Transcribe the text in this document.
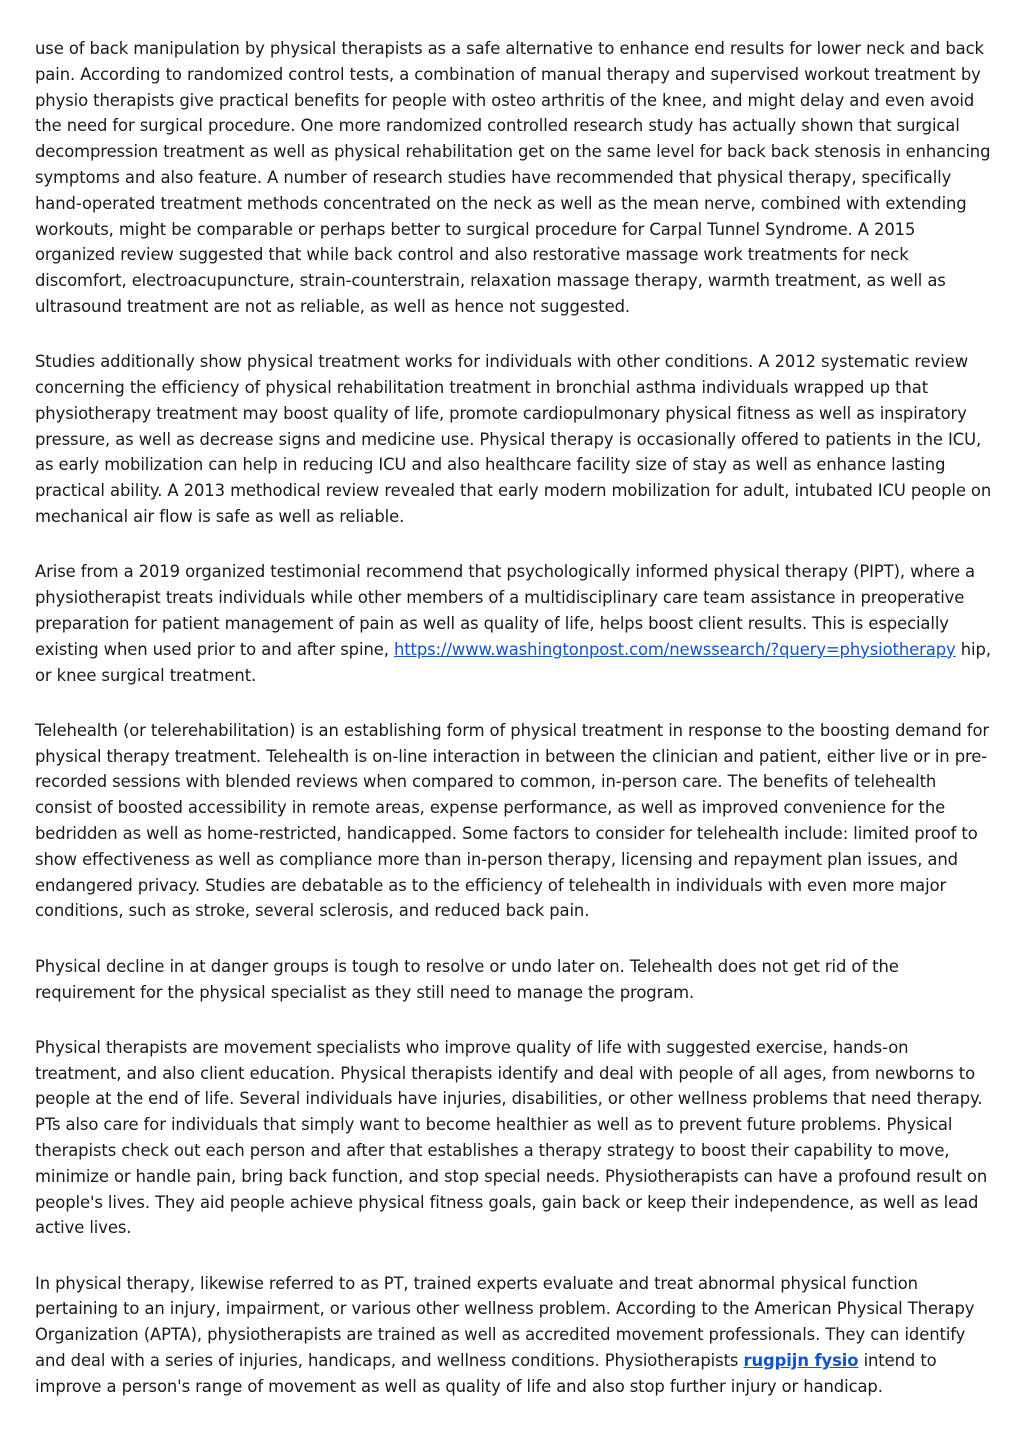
use of back manipulation by physical therapists as a safe alternative to enhance end results for lower neck and back pain. According to randomized control tests, a combination of manual therapy and supervised workout treatment by physio therapists give practical benefits for people with osteo arthritis of the knee, and might delay and even avoid the need for surgical procedure. One more randomized controlled research study has actually shown that surgical decompression treatment as well as physical rehabilitation get on the same level for back back stenosis in enhancing symptoms and also feature. A number of research studies have recommended that physical therapy, specifically hand-operated treatment methods concentrated on the neck as well as the mean nerve, combined with extending workouts, might be comparable or perhaps better to surgical procedure for Carpal Tunnel Syndrome. A 2015 organized review suggested that while back control and also restorative massage work treatments for neck discomfort, electroacupuncture, strain-counterstrain, relaxation massage therapy, warmth treatment, as well as ultrasound treatment are not as reliable, as well as hence not suggested.

Studies additionally show physical treatment works for individuals with other conditions. A 2012 systematic review concerning the efficiency of physical rehabilitation treatment in bronchial asthma individuals wrapped up that physiotherapy treatment may boost quality of life, promote cardiopulmonary physical fitness as well as inspiratory pressure, as well as decrease signs and medicine use. Physical therapy is occasionally offered to patients in the ICU, as early mobilization can help in reducing ICU and also healthcare facility size of stay as well as enhance lasting practical ability. A 2013 methodical review revealed that early modern mobilization for adult, intubated ICU people on mechanical air flow is safe as well as reliable.

Arise from a 2019 organized testimonial recommend that psychologically informed physical therapy (PIPT), where a physiotherapist treats individuals while other members of a multidisciplinary care team assistance in preoperative preparation for patient management of pain as well as quality of life, helps boost client results. This is especially existing when used prior to and after spine, https://www.washingtonpost.com/newssearch/?query=physiotherapy hip, or knee surgical treatment.

Telehealth (or telerehabilitation) is an establishing form of physical treatment in response to the boosting demand for physical therapy treatment. Telehealth is on-line interaction in between the clinician and patient, either live or in pre-recorded sessions with blended reviews when compared to common, in-person care. The benefits of telehealth consist of boosted accessibility in remote areas, expense performance, as well as improved convenience for the bedridden as well as home-restricted, handicapped. Some factors to consider for telehealth include: limited proof to show effectiveness as well as compliance more than in-person therapy, licensing and repayment plan issues, and endangered privacy. Studies are debatable as to the efficiency of telehealth in individuals with even more major conditions, such as stroke, several sclerosis, and reduced back pain.

Physical decline in at danger groups is tough to resolve or undo later on. Telehealth does not get rid of the requirement for the physical specialist as they still need to manage the program.

Physical therapists are movement specialists who improve quality of life with suggested exercise, hands-on treatment, and also client education. Physical therapists identify and deal with people of all ages, from newborns to people at the end of life. Several individuals have injuries, disabilities, or other wellness problems that need therapy. PTs also care for individuals that simply want to become healthier as well as to prevent future problems. Physical therapists check out each person and after that establishes a therapy strategy to boost their capability to move, minimize or handle pain, bring back function, and stop special needs. Physiotherapists can have a profound result on people's lives. They aid people achieve physical fitness goals, gain back or keep their independence, as well as lead active lives.

In physical therapy, likewise referred to as PT, trained experts evaluate and treat abnormal physical function pertaining to an injury, impairment, or various other wellness problem. According to the American Physical Therapy Organization (APTA), physiotherapists are trained as well as accredited movement professionals. They can identify and deal with a series of injuries, handicaps, and wellness conditions. Physiotherapists rugpijn fysio intend to improve a person's range of movement as well as quality of life and also stop further injury or handicap.
